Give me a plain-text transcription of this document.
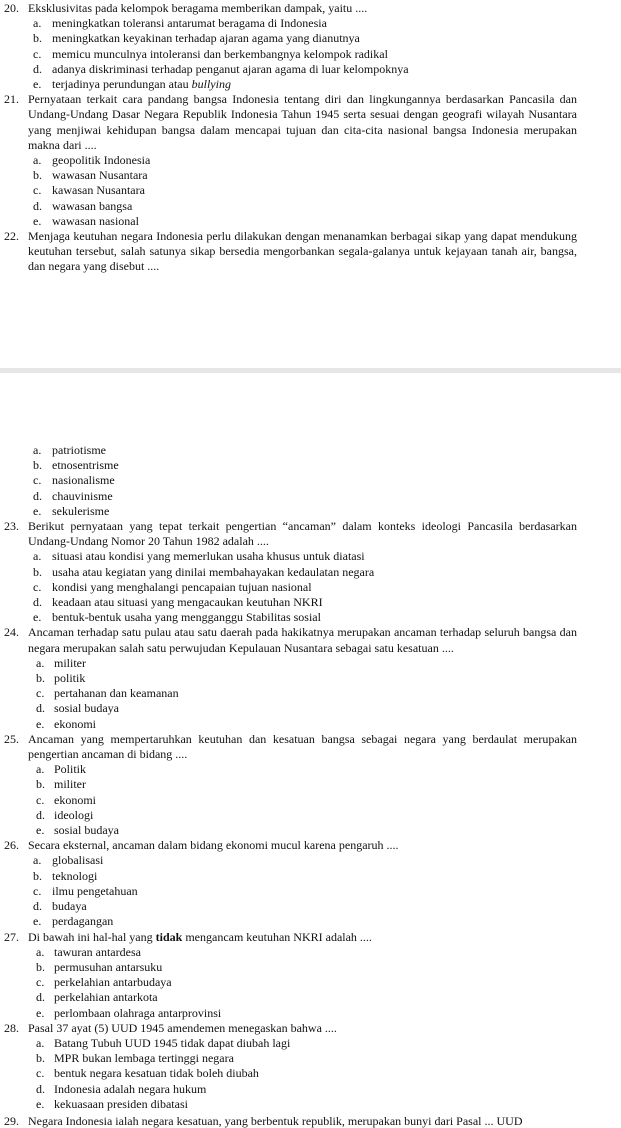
20. Eksklusivitas pada kelompok beragama memberikan dampak, yaitu ....
a. meningkatkan toleransi antarumat beragama di Indonesia
b. meningkatkan keyakinan terhadap ajaran agama yang dianutnya
c. memicu munculnya intoleransi dan berkembangnya kelompok radikal
d. adanya diskriminasi terhadap penganut ajaran agama di luar kelompoknya
e. terjadinya perundungan atau bullying
21. Pernyataan terkait cara pandang bangsa Indonesia tentang diri dan lingkungannya berdasarkan Pancasila dan Undang-Undang Dasar Negara Republik Indonesia Tahun 1945 serta sesuai dengan geografi wilayah Nusantara yang menjiwai kehidupan bangsa dalam mencapai tujuan dan cita-cita nasional bangsa Indonesia merupakan makna dari ....
a. geopolitik Indonesia
b. wawasan Nusantara
c. kawasan Nusantara
d. wawasan bangsa
e. wawasan nasional
22. Menjaga keutuhan negara Indonesia perlu dilakukan dengan menanamkan berbagai sikap yang dapat mendukung keutuhan tersebut, salah satunya sikap bersedia mengorbankan segala-galanya untuk kejayaan tanah air, bangsa, dan negara yang disebut ....
a. patriotisme
b. etnosentrisme
c. nasionalisme
d. chauvinisme
e. sekulerisme
23. Berikut pernyataan yang tepat terkait pengertian “ancaman” dalam konteks ideologi Pancasila berdasarkan Undang-Undang Nomor 20 Tahun 1982 adalah ....
a. situasi atau kondisi yang memerlukan usaha khusus untuk diatasi
b. usaha atau kegiatan yang dinilai membahayakan kedaulatan negara
c. kondisi yang menghalangi pencapaian tujuan nasional
d. keadaan atau situasi yang mengacaukan keutuhan NKRI
e. bentuk-bentuk usaha yang mengganggu Stabilitas sosial
24. Ancaman terhadap satu pulau atau satu daerah pada hakikatnya merupakan ancaman terhadap seluruh bangsa dan negara merupakan salah satu perwujudan Kepulauan Nusantara sebagai satu kesatuan ....
a. militer
b. politik
c. pertahanan dan keamanan
d. sosial budaya
e. ekonomi
25. Ancaman yang mempertaruhkan keutuhan dan kesatuan bangsa sebagai negara yang berdaulat merupakan pengertian ancaman di bidang ....
a. Politik
b. militer
c. ekonomi
d. ideologi
e. sosial budaya
26. Secara eksternal, ancaman dalam bidang ekonomi mucul karena pengaruh ....
a. globalisasi
b. teknologi
c. ilmu pengetahuan
d. budaya
e. perdagangan
27. Di bawah ini hal-hal yang tidak mengancam keutuhan NKRI adalah ....
a. tawuran antardesa
b. permusuhan antarsuku
c. perkelahian antarbudaya
d. perkelahian antarkota
e. perlombaan olahraga antarprovinsi
28. Pasal 37 ayat (5) UUD 1945 amendemen menegaskan bahwa ....
a. Batang Tubuh UUD 1945 tidak dapat diubah lagi
b. MPR bukan lembaga tertinggi negara
c. bentuk negara kesatuan tidak boleh diubah
d. Indonesia adalah negara hukum
e. kekuasaan presiden dibatasi
29. Negara Indonesia ialah negara kesatuan, yang berbentuk republik, merupakan bunyi dari Pasal ... UUD
